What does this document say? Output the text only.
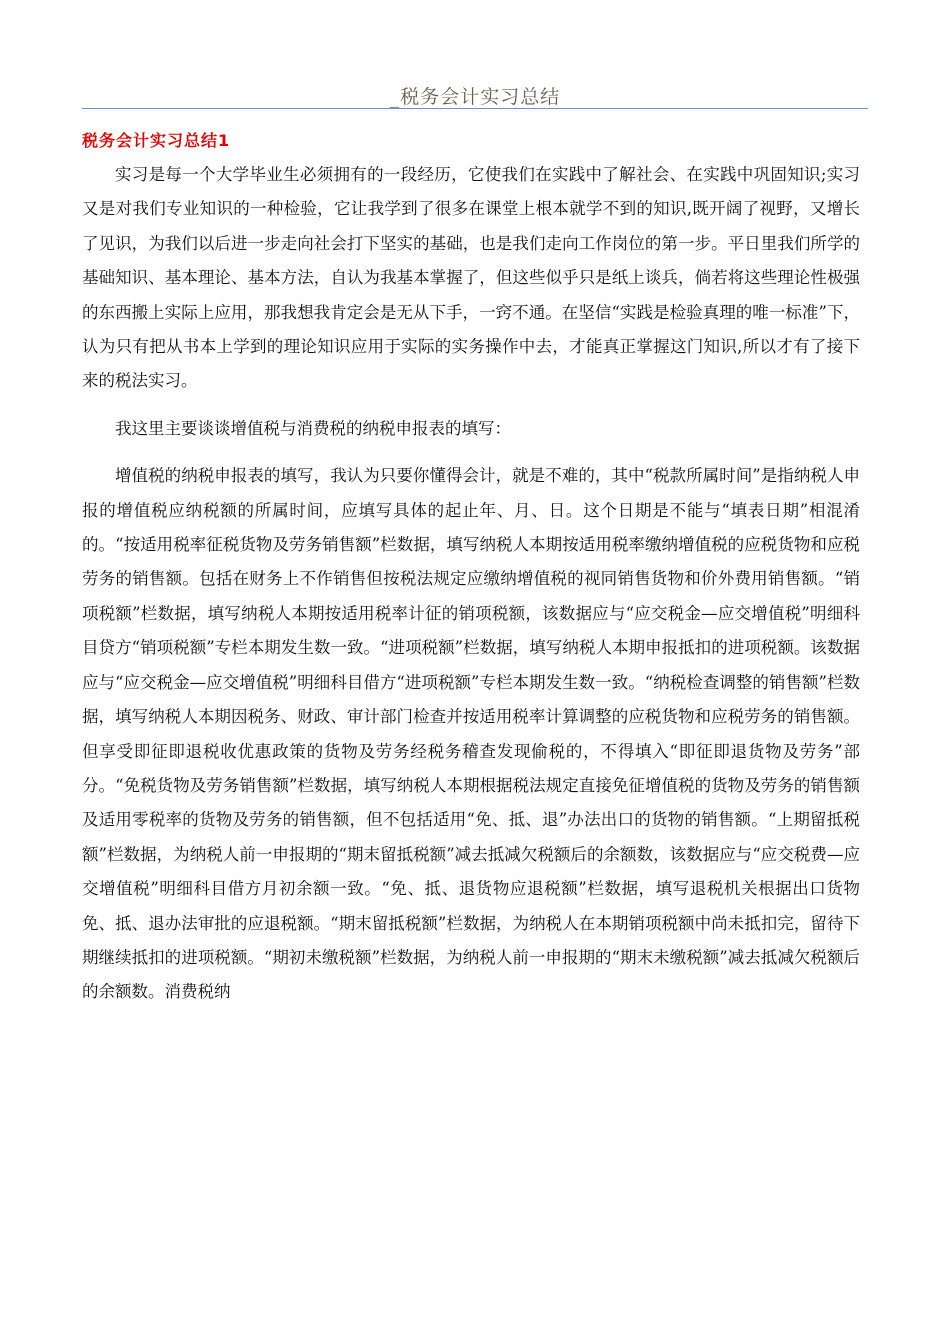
_税务会计实习总结
税务会计实习总结1

实习是每一个大学毕业生必须拥有的一段经历，它使我们在实践中了解社会、在实践中巩固知识;实习又是对我们专业知识的一种检验，它让我学到了很多在课堂上根本就学不到的知识,既开阔了视野，又增长了见识，为我们以后进一步走向社会打下坚实的基础，也是我们走向工作岗位的第一步。平日里我们所学的基础知识、基本理论、基本方法，自认为我基本掌握了，但这些似乎只是纸上谈兵，倘若将这些理论性极强的东西搬上实际上应用，那我想我肯定会是无从下手，一窍不通。在坚信“实践是检验真理的唯一标准”下，认为只有把从书本上学到的理论知识应用于实际的实务操作中去，才能真正掌握这门知识,所以才有了接下来的税法实习。

我这里主要谈谈增值税与消费税的纳税申报表的填写：

增值税的纳税申报表的填写，我认为只要你懂得会计，就是不难的，其中“税款所属时间”是指纳税人申报的增值税应纳税额的所属时间，应填写具体的起止年、月、日。这个日期是不能与“填表日期”相混淆的。“按适用税率征税货物及劳务销售额”栏数据，填写纳税人本期按适用税率缴纳增值税的应税货物和应税劳务的销售额。包括在财务上不作销售但按税法规定应缴纳增值税的视同销售货物和价外费用销售额。“销项税额”栏数据，填写纳税人本期按适用税率计征的销项税额，该数据应与“应交税金—应交增值税”明细科目贷方“销项税额”专栏本期发生数一致。“进项税额”栏数据，填写纳税人本期申报抵扣的进项税额。该数据应与“应交税金—应交增值税”明细科目借方“进项税额”专栏本期发生数一致。“纳税检查调整的销售额”栏数据，填写纳税人本期因税务、财政、审计部门检查并按适用税率计算调整的应税货物和应税劳务的销售额。但享受即征即退税收优惠政策的货物及劳务经税务稽查发现偷税的，不得填入“即征即退货物及劳务”部分。“免税货物及劳务销售额”栏数据，填写纳税人本期根据税法规定直接免征增值税的货物及劳务的销售额及适用零税率的货物及劳务的销售额，但不包括适用“免、抵、退”办法出口的货物的销售额。“上期留抵税额”栏数据，为纳税人前一申报期的“期末留抵税额”减去抵减欠税额后的余额数，该数据应与“应交税费—应交增值税”明细科目借方月初余额一致。“免、抵、退货物应退税额”栏数据，填写退税机关根据出口货物免、抵、退办法审批的应退税额。“期末留抵税额”栏数据，为纳税人在本期销项税额中尚未抵扣完，留待下期继续抵扣的进项税额。“期初未缴税额”栏数据，为纳税人前一申报期的“期末未缴税额”减去抵减欠税额后的余额数。消费税纳
